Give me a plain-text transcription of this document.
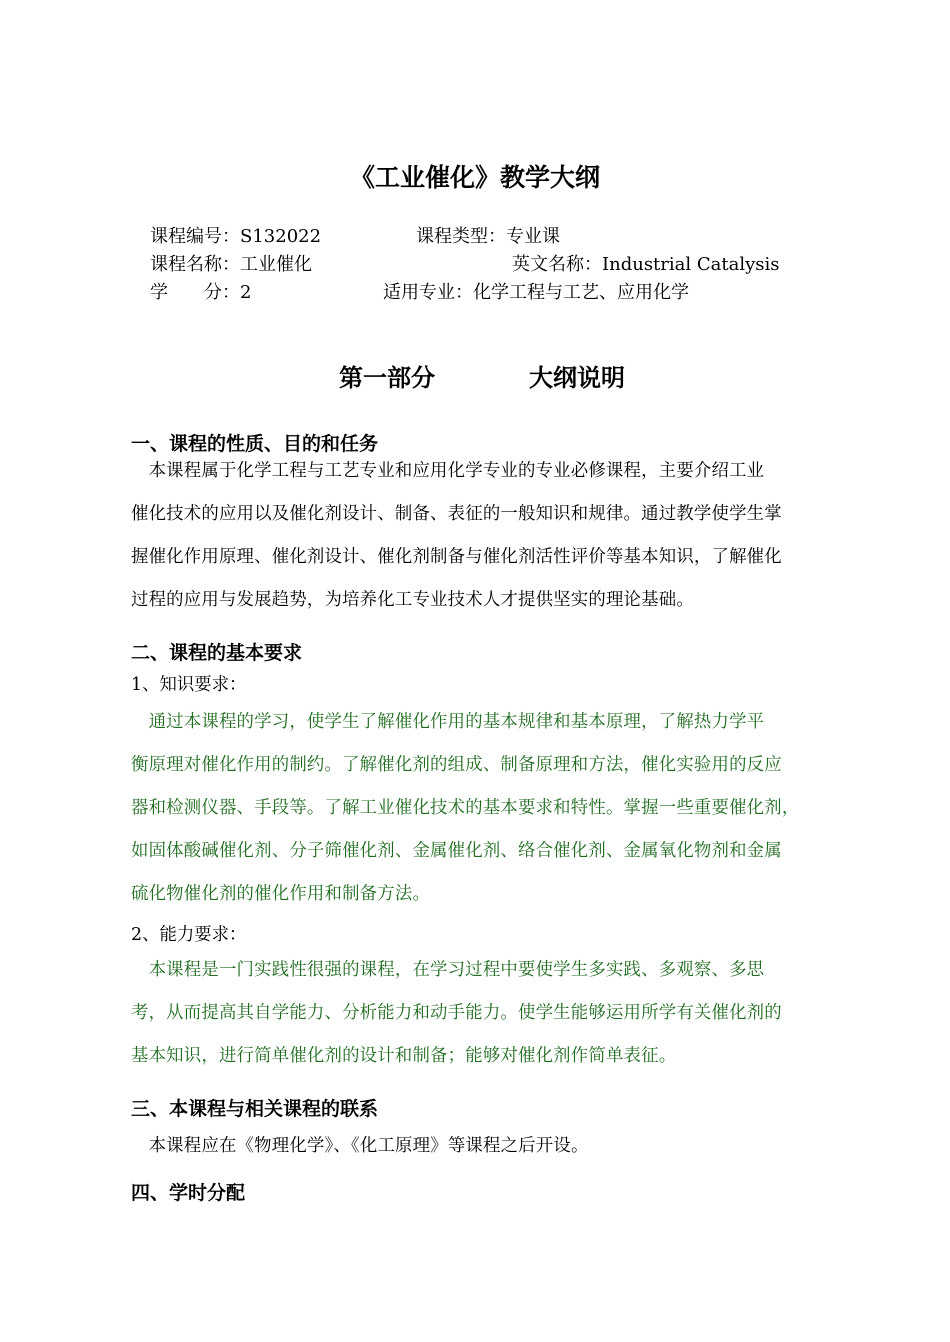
《工业催化》教学大纲
课程编号：S132022	课程类型：专业课
课程名称：工业催化	英文名称：Industrial Catalysis
学　　分：2	适用专业：化学工程与工艺、应用化学
第一部分	大纲说明
一、课程的性质、目的和任务
　本课程属于化学工程与工艺专业和应用化学专业的专业必修课程，主要介绍工业
催化技术的应用以及催化剂设计、制备、表征的一般知识和规律。通过教学使学生掌
握催化作用原理、催化剂设计、催化剂制备与催化剂活性评价等基本知识，了解催化
过程的应用与发展趋势，为培养化工专业技术人才提供坚实的理论基础。
二、课程的基本要求
1、知识要求：
　通过本课程的学习，使学生了解催化作用的基本规律和基本原理，了解热力学平
衡原理对催化作用的制约。了解催化剂的组成、制备原理和方法，催化实验用的反应
器和检测仪器、手段等。了解工业催化技术的基本要求和特性。掌握一些重要催化剂，
如固体酸碱催化剂、分子筛催化剂、金属催化剂、络合催化剂、金属氧化物剂和金属
硫化物催化剂的催化作用和制备方法。
2、能力要求：
　本课程是一门实践性很强的课程，在学习过程中要使学生多实践、多观察、多思
考，从而提高其自学能力、分析能力和动手能力。使学生能够运用所学有关催化剂的
基本知识，进行简单催化剂的设计和制备；能够对催化剂作简单表征。
三、本课程与相关课程的联系
　本课程应在《物理化学》、《化工原理》等课程之后开设。
四、学时分配
